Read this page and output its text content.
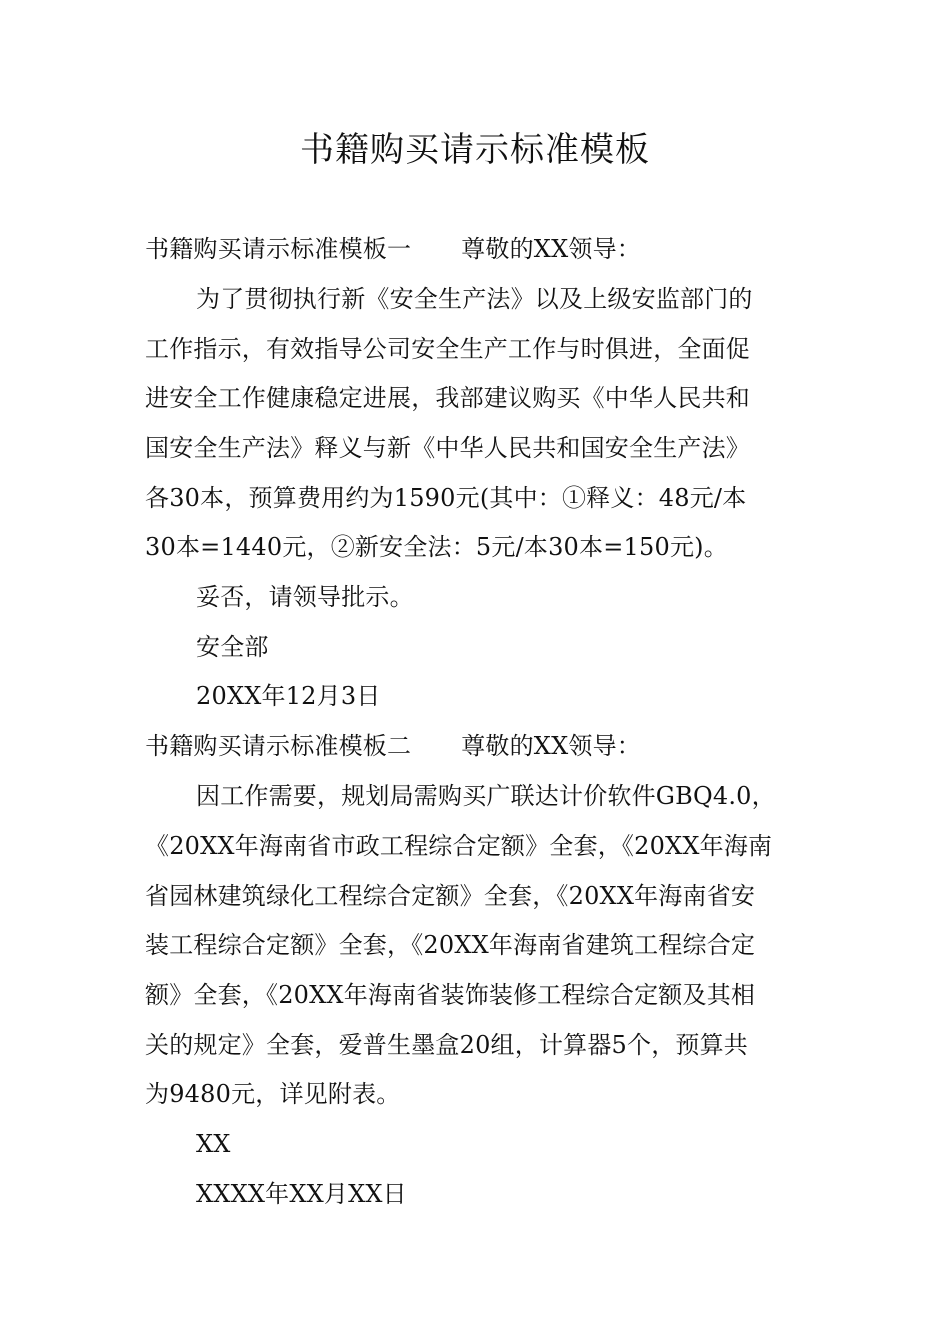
书籍购买请示标准模板
书籍购买请示标准模板一 尊敬的XX领导：
为了贯彻执行新《安全生产法》以及上级安监部门的
工作指示，有效指导公司安全生产工作与时俱进，全面促
进安全工作健康稳定进展，我部建议购买《中华人民共和
国安全生产法》释义与新《中华人民共和国安全生产法》
各30本，预算费用约为1590元(其中：①释义：48元/本
30本=1440元，②新安全法：5元/本30本=150元)。
妥否，请领导批示。
安全部
20XX年12月3日
书籍购买请示标准模板二 尊敬的XX领导：
因工作需要，规划局需购买广联达计价软件GBQ4.0，
《20XX年海南省市政工程综合定额》全套，《20XX年海南
省园林建筑绿化工程综合定额》全套，《20XX年海南省安
装工程综合定额》全套，《20XX年海南省建筑工程综合定
额》全套，《20XX年海南省装饰装修工程综合定额及其相
关的规定》全套，爱普生墨盒20组，计算器5个，预算共
为9480元，详见附表。
XX
XXXX年XX月XX日
